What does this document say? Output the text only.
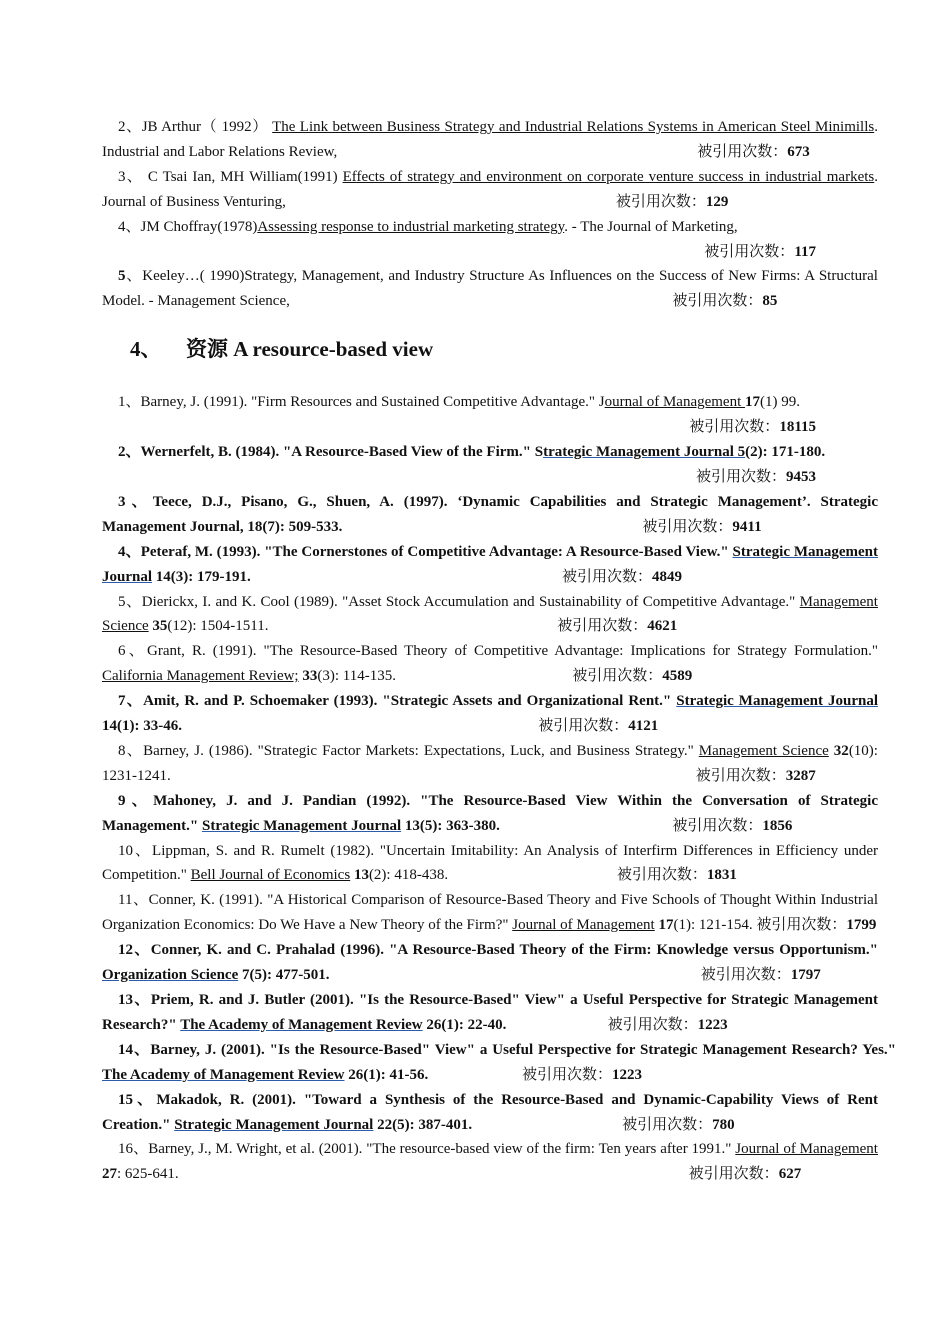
2、JB Arthur（ 1992） The Link between Business Strategy and Industrial Relations Systems in American Steel Minimills. Industrial and Labor Relations Review,	被引用次数：673

3、 C Tsai Ian, MH William(1991) Effects of strategy and environment on corporate venture success in industrial markets. Journal of Business Venturing,	被引用次数：129

4、JM Choffray(1978)Assessing response to industrial marketing strategy. - The Journal of Marketing,
被引用次数：117

5、Keeley…( 1990)Strategy, Management, and Industry Structure As Influences on the Success of New Firms: A Structural Model. - Management Science,	被引用次数：85

4、 资源 A resource-based view

1、Barney, J. (1991). "Firm Resources and Sustained Competitive Advantage." Journal of Management 17(1) 99.
被引用次数：18115

2、Wernerfelt, B. (1984). "A Resource-Based View of the Firm." Strategic Management Journal 5(2): 171-180.
被引用次数：9453

3、Teece, D.J., Pisano, G., Shuen, A. (1997). ‘Dynamic Capabilities and Strategic Management’. Strategic Management Journal, 18(7): 509-533.	被引用次数：9411

4、Peteraf, M. (1993). "The Cornerstones of Competitive Advantage: A Resource-Based View." Strategic Management Journal 14(3): 179-191.	被引用次数：4849

5、Dierickx, I. and K. Cool (1989). "Asset Stock Accumulation and Sustainability of Competitive Advantage." Management Science 35(12): 1504-1511.	被引用次数：4621

6、Grant, R. (1991). "The Resource-Based Theory of Competitive Advantage: Implications for Strategy Formulation." California Management Review; 33(3): 114-135.	被引用次数：4589

7、Amit, R. and P. Schoemaker (1993). "Strategic Assets and Organizational Rent." Strategic Management Journal 14(1): 33-46.	被引用次数：4121

8、Barney, J. (1986). "Strategic Factor Markets: Expectations, Luck, and Business Strategy." Management Science 32(10): 1231-1241.	被引用次数：3287

9、Mahoney, J. and J. Pandian (1992). "The Resource-Based View Within the Conversation of Strategic Management." Strategic Management Journal 13(5): 363-380.	被引用次数：1856

10、Lippman, S. and R. Rumelt (1982). "Uncertain Imitability: An Analysis of Interfirm Differences in Efficiency under Competition." Bell Journal of Economics 13(2): 418-438.	被引用次数：1831

11、Conner, K. (1991). "A Historical Comparison of Resource-Based Theory and Five Schools of Thought Within Industrial Organization Economics: Do We Have a New Theory of the Firm?" Journal of Management 17(1): 121-154. 被引用次数：1799

12、Conner, K. and C. Prahalad (1996). "A Resource-Based Theory of the Firm: Knowledge versus Opportunism." Organization Science 7(5): 477-501.	被引用次数：1797

13、Priem, R. and J. Butler (2001). "Is the Resource-Based" View" a Useful Perspective for Strategic Management Research?" The Academy of Management Review 26(1): 22-40.	被引用次数：1223

14、Barney, J. (2001). "Is the Resource-Based" View" a Useful Perspective for Strategic Management Research? Yes." The Academy of Management Review 26(1): 41-56.	被引用次数：1223

15、Makadok, R. (2001). "Toward a Synthesis of the Resource-Based and Dynamic-Capability Views of Rent Creation." Strategic Management Journal 22(5): 387-401.	被引用次数：780

16、Barney, J., M. Wright, et al. (2001). "The resource-based view of the firm: Ten years after 1991." Journal of Management 27: 625-641.	被引用次数：627
